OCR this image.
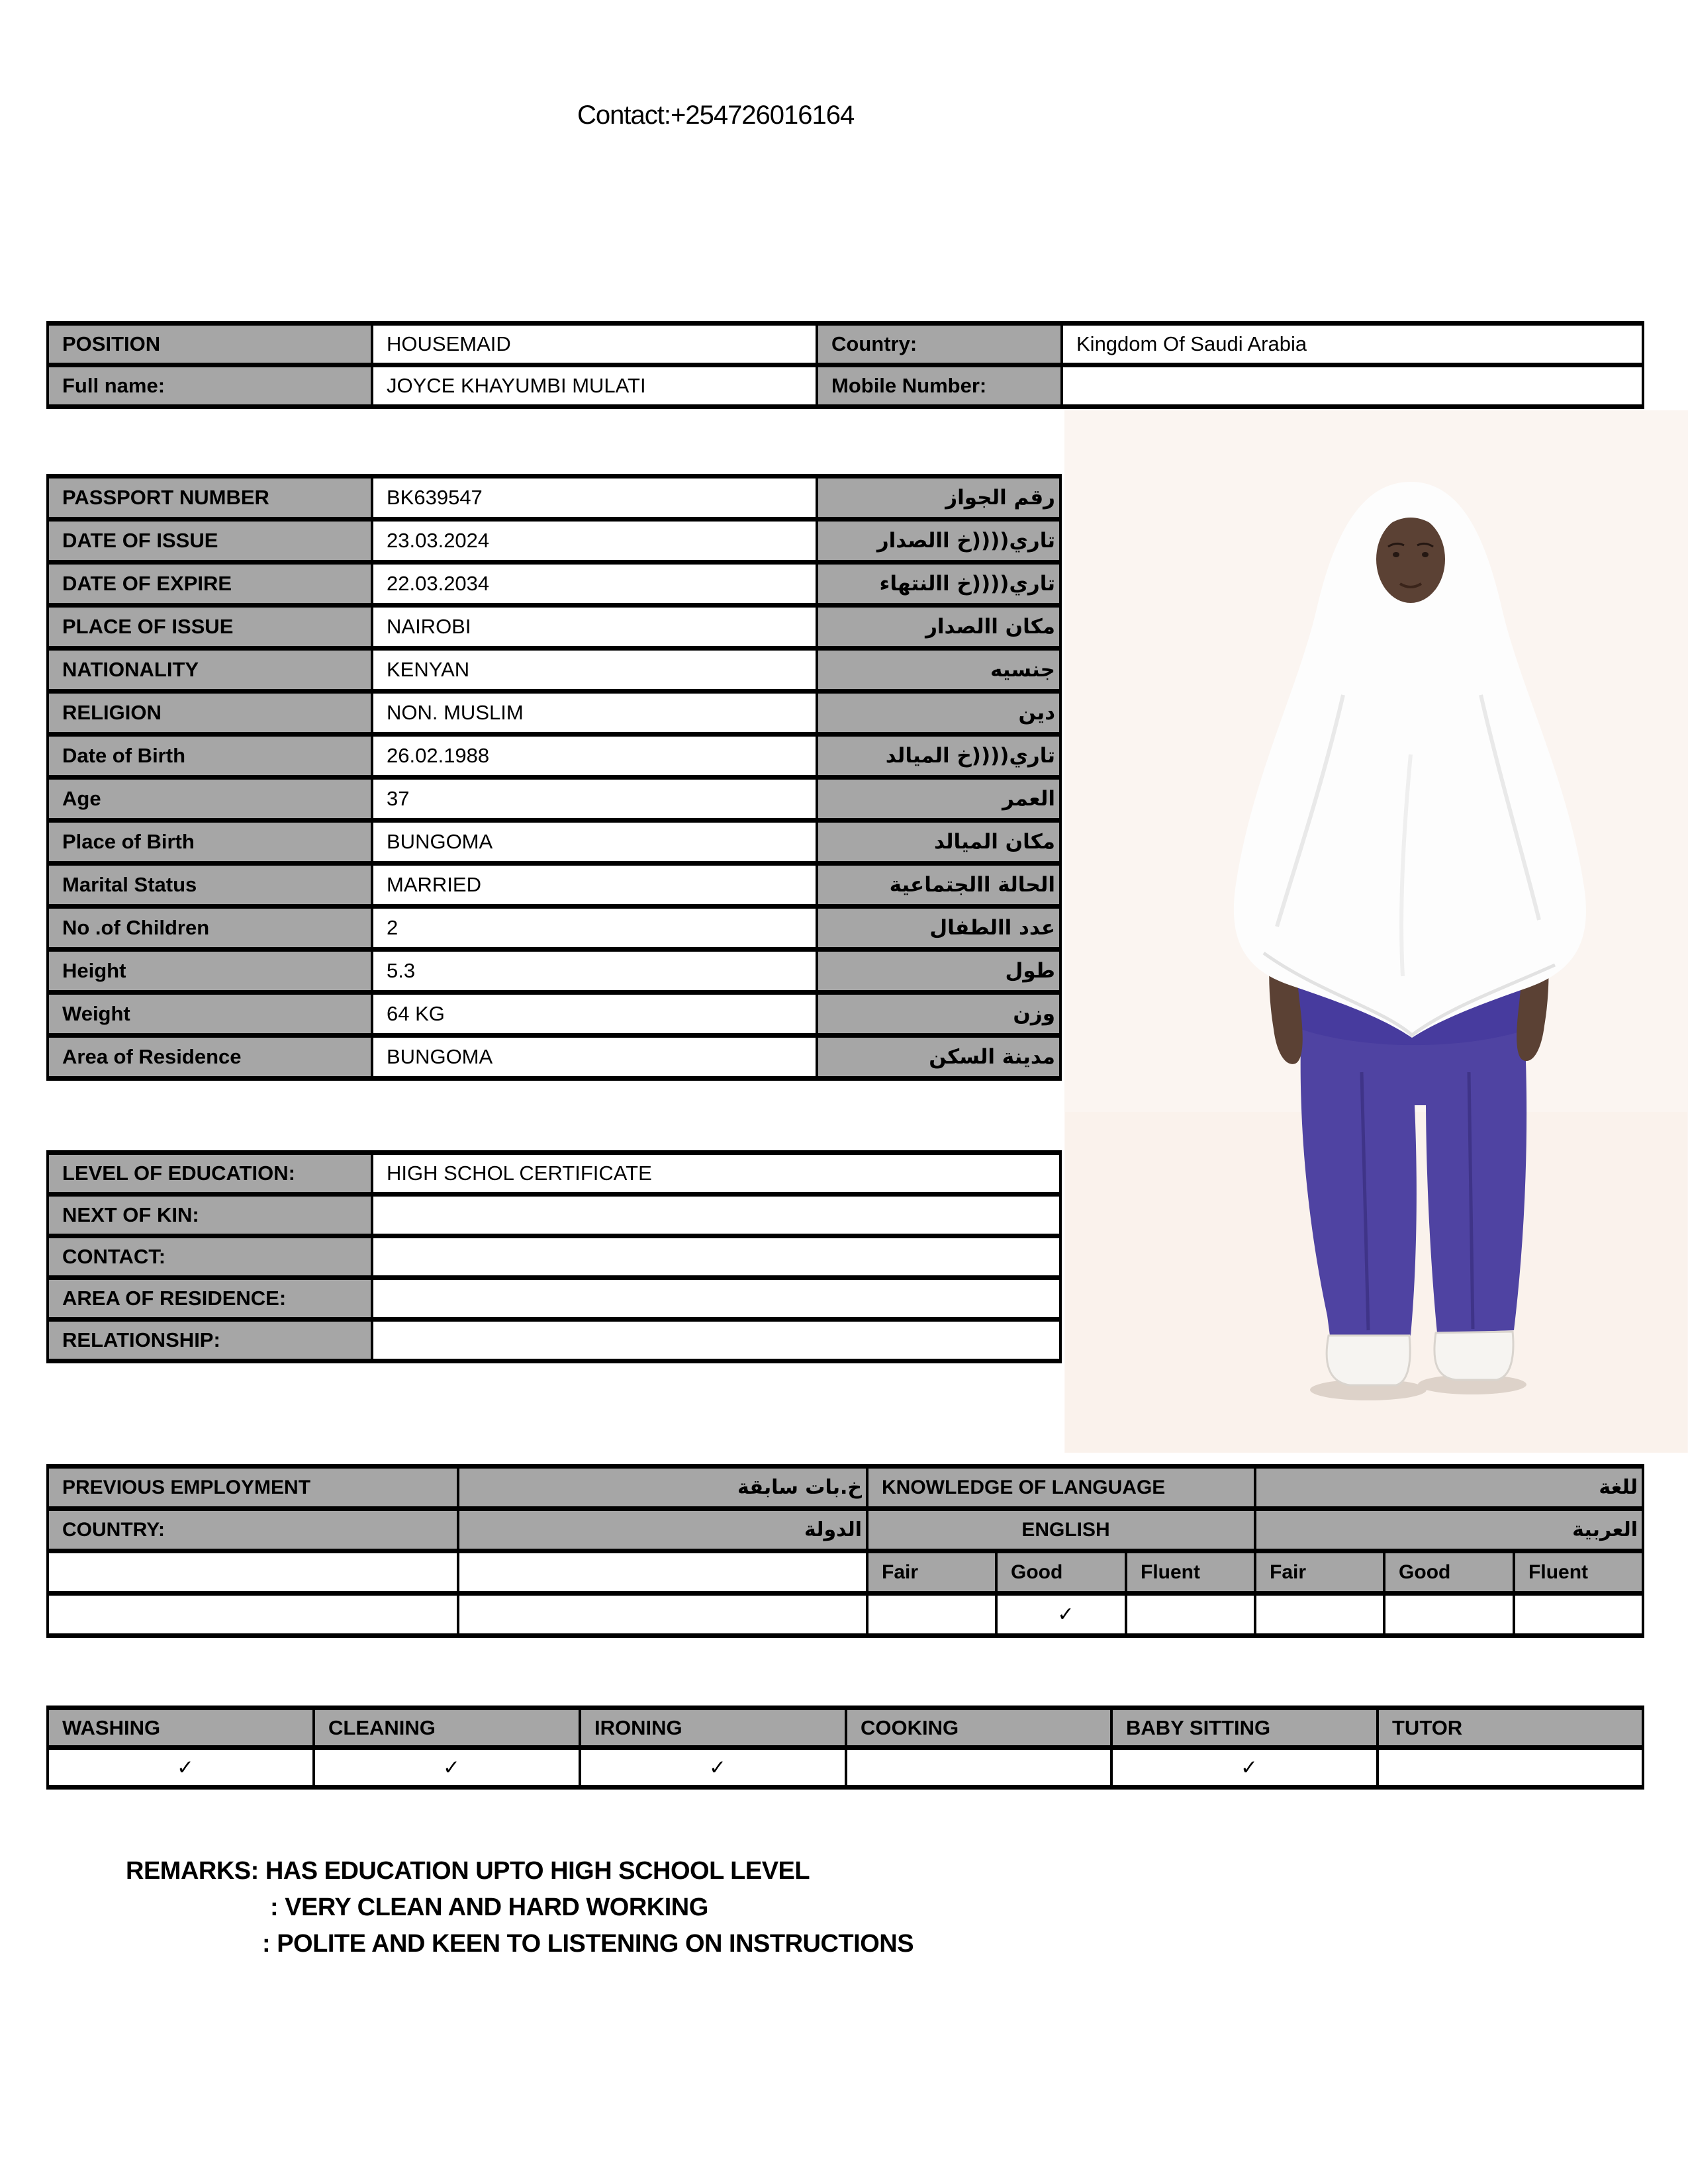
Contact:+254726016164
POSITION	HOUSEMAID	Country:	Kingdom Of Saudi Arabia
Full name:	JOYCE KHAYUMBI MULATI	Mobile Number:	
PASSPORT NUMBER	BK639547	رقم الجواز
DATE OF ISSUE	23.03.2024	تاري((((خ االصدار
DATE OF EXPIRE	22.03.2034	تاري((((خ االنتهاء
PLACE OF ISSUE	NAIROBI	مكان االصدار
NATIONALITY	KENYAN	جنسيه
RELIGION	NON. MUSLIM	دين
Date of Birth	26.02.1988	تاري((((خ الميالد
Age	37	العمر
Place of Birth	BUNGOMA	مكان الميالد
Marital Status	MARRIED	الحالة االجتماعية
No .of Children	2	عدد االطفال
Height	5.3	طول
Weight	64 KG	وزن
Area of Residence	BUNGOMA	مدينة السكن
LEVEL OF EDUCATION:	HIGH SCHOL CERTIFICATE
NEXT OF KIN:	
CONTACT:	
AREA OF RESIDENCE:	
RELATIONSHIP:	
PREVIOUS EMPLOYMENT	خ.بات سابقة	KNOWLEDGE OF LANGUAGE			للغة		
COUNTRY:	الدولة	ENGLISH			العربية		
		Fair	Good	Fluent	Fair	Good	Fluent
			✓				
WASHING	CLEANING	IRONING	COOKING	BABY SITTING	TUTOR
✓	✓	✓		✓	
REMARKS: HAS EDUCATION UPTO HIGH SCHOOL LEVEL
: VERY CLEAN AND HARD WORKING
: POLITE AND KEEN TO LISTENING ON INSTRUCTIONS
